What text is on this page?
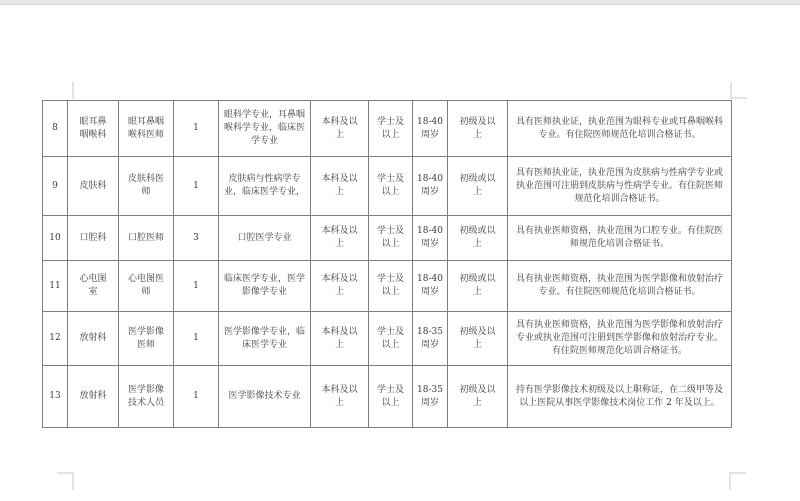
8	眼耳鼻咽喉科	眼耳鼻咽喉科医师	1	眼科学专业，耳鼻咽喉科学专业，临床医学专业	本科及以上	学士及以上	18-40周岁	初级及以上	具有医师执业证，执业范围为眼科专业或耳鼻咽喉科专业。有住院医师规范化培训合格证书。
9	皮肤科	皮肤科医师	1	皮肤病与性病学专业，临床医学专业，	本科及以上	学士及以上	18-40周岁	初级或以上	具有医师执业证，执业范围为皮肤病与性病学专业或执业范围可注册到皮肤病与性病学专业。有住院医师规范化培训合格证书。
10	口腔科	口腔医师	3	口腔医学专业	本科及以上	学士及以上	18-40周岁	初级或以上	具有执业医师资格，执业范围为口腔专业。有住院医师规范化培训合格证书。
11	心电图室	心电图医师	1	临床医学专业，医学影像学专业	本科及以上	学士及以上	18-40周岁	初级或以上	具有执业医师资格，执业范围为医学影像和放射治疗专业。有住院医师规范化培训合格证书。
12	放射科	医学影像医师	1	医学影像学专业，临床医学专业	本科及以上	学士及以上	18-35周岁	初级及以上	具有执业医师资格，执业范围为医学影像和放射治疗专业或执业范围可注册到医学影像和放射治疗专业。有住院医师规范化培训合格证书。
13	放射科	医学影像技术人员	1	医学影像技术专业	本科及以上	学士及以上	18-35周岁	初级及以上	持有医学影像技术初级及以上职称证，在二级甲等及以上医院从事医学影像技术岗位工作 2 年及以上。
